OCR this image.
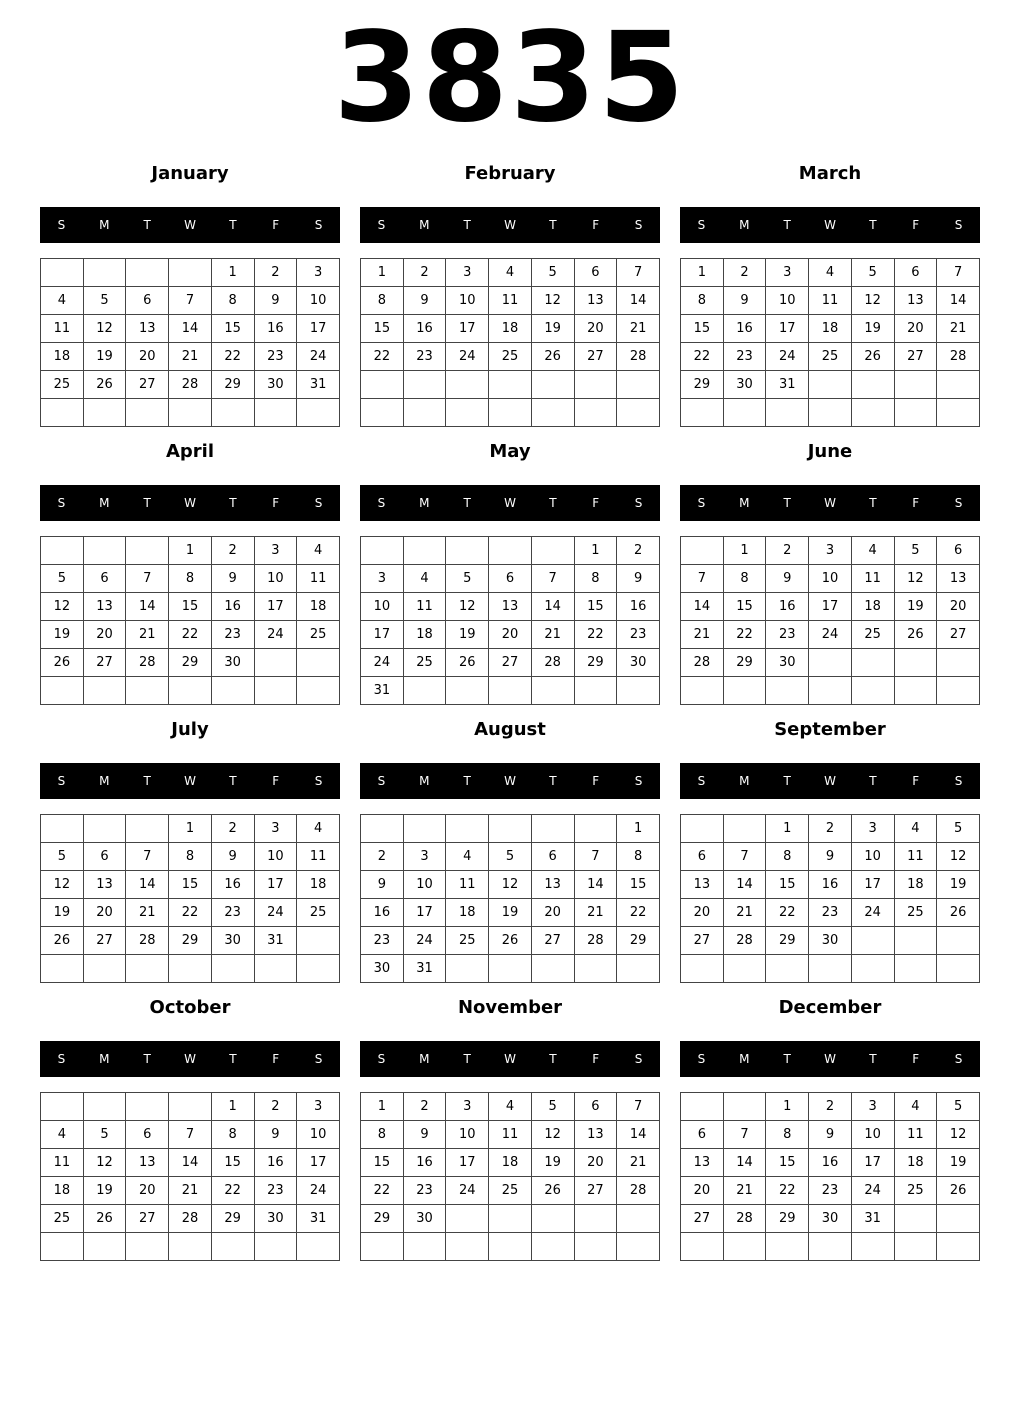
3835
January
S	M	T	W	T	F	S
				1	2	3
4	5	6	7	8	9	10
11	12	13	14	15	16	17
18	19	20	21	22	23	24
25	26	27	28	29	30	31

February
S	M	T	W	T	F	S
1	2	3	4	5	6	7
8	9	10	11	12	13	14
15	16	17	18	19	20	21
22	23	24	25	26	27	28

March
S	M	T	W	T	F	S
1	2	3	4	5	6	7
8	9	10	11	12	13	14
15	16	17	18	19	20	21
22	23	24	25	26	27	28
29	30	31				

April
S	M	T	W	T	F	S
			1	2	3	4
5	6	7	8	9	10	11
12	13	14	15	16	17	18
19	20	21	22	23	24	25
26	27	28	29	30		

May
S	M	T	W	T	F	S
					1	2
3	4	5	6	7	8	9
10	11	12	13	14	15	16
17	18	19	20	21	22	23
24	25	26	27	28	29	30
31						
June
S	M	T	W	T	F	S
	1	2	3	4	5	6
7	8	9	10	11	12	13
14	15	16	17	18	19	20
21	22	23	24	25	26	27
28	29	30				

July
S	M	T	W	T	F	S
			1	2	3	4
5	6	7	8	9	10	11
12	13	14	15	16	17	18
19	20	21	22	23	24	25
26	27	28	29	30	31	

August
S	M	T	W	T	F	S
						1
2	3	4	5	6	7	8
9	10	11	12	13	14	15
16	17	18	19	20	21	22
23	24	25	26	27	28	29
30	31					
September
S	M	T	W	T	F	S
		1	2	3	4	5
6	7	8	9	10	11	12
13	14	15	16	17	18	19
20	21	22	23	24	25	26
27	28	29	30			

October
S	M	T	W	T	F	S
				1	2	3
4	5	6	7	8	9	10
11	12	13	14	15	16	17
18	19	20	21	22	23	24
25	26	27	28	29	30	31

November
S	M	T	W	T	F	S
1	2	3	4	5	6	7
8	9	10	11	12	13	14
15	16	17	18	19	20	21
22	23	24	25	26	27	28
29	30					

December
S	M	T	W	T	F	S
		1	2	3	4	5
6	7	8	9	10	11	12
13	14	15	16	17	18	19
20	21	22	23	24	25	26
27	28	29	30	31		
